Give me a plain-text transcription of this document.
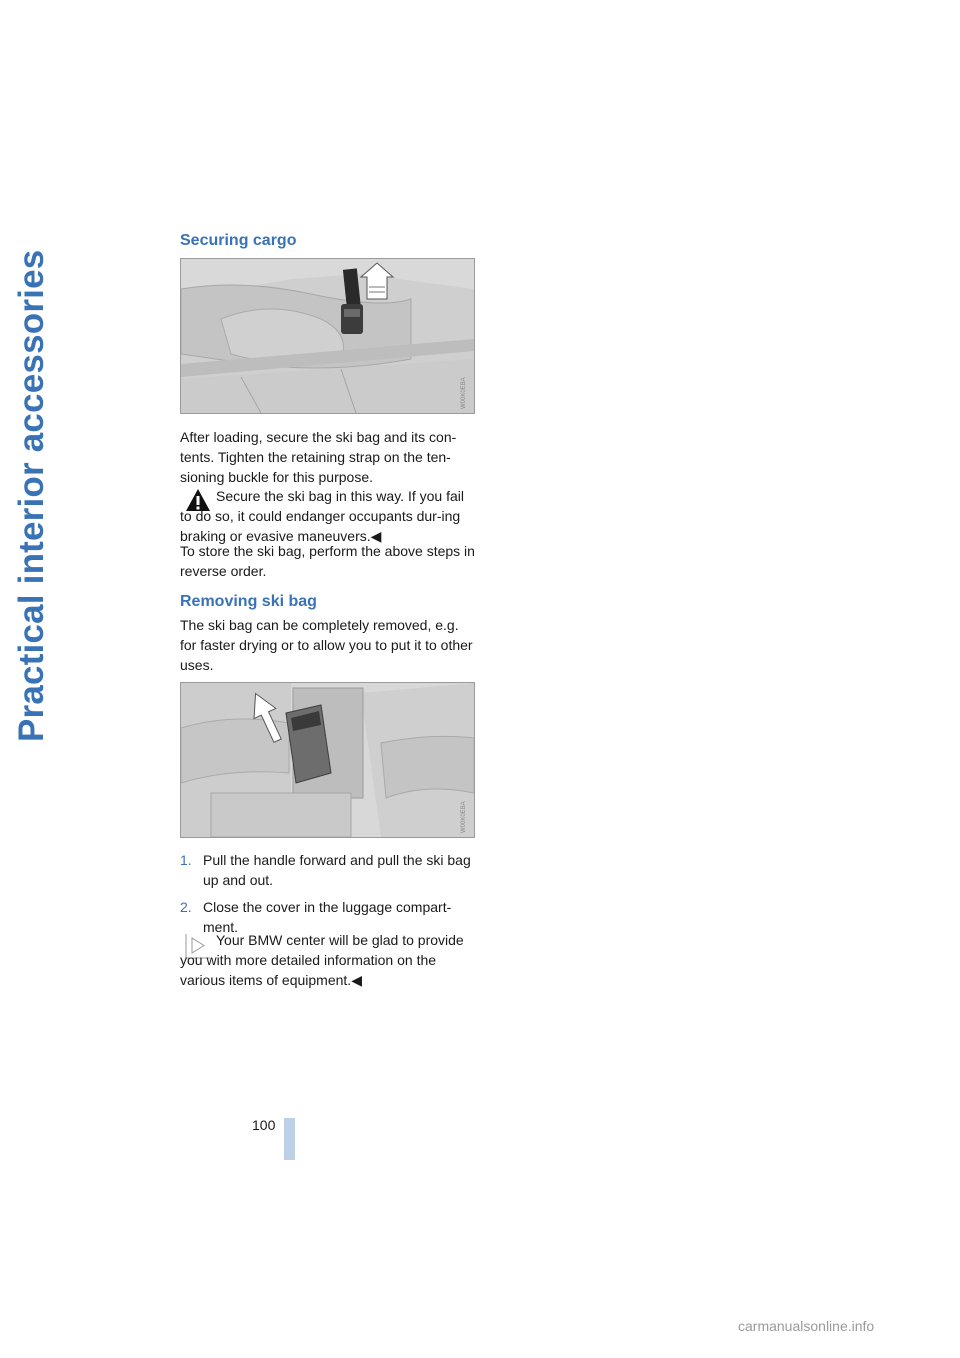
Practical interior accessories
Securing cargo
W00K0EBA

After loading, secure the ski bag and its con-tents. Tighten the retaining strap on the ten-sioning buckle for this purpose.

Secure the ski bag in this way. If you fail to do so, it could endanger occupants dur-ing braking or evasive maneuvers.◀

To store the ski bag, perform the above steps in reverse order.

Removing ski bag

The ski bag can be completely removed, e.g. for faster drying or to allow you to put it to other uses.

W00K0EBA
1. Pull the handle forward and pull the ski bag up and out.
2. Close the cover in the luggage compart-ment.

Your BMW center will be glad to provide you with more detailed information on the various items of equipment.◀

100
carmanualsonline.info
